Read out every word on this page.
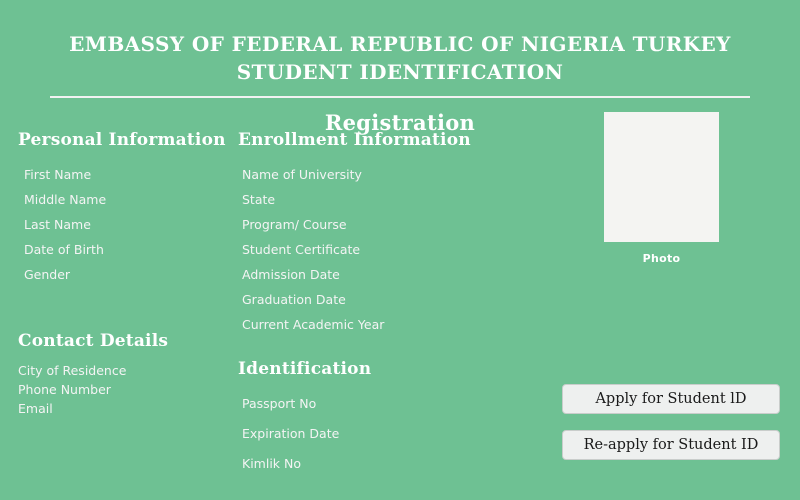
EMBASSY OF FEDERAL REPUBLIC OF NIGERIA TURKEY
STUDENT IDENTIFICATION
Registration
Personal Information
First Name
Middle Name
Last Name
Date of Birth
Gender
Contact Details
City of Residence
Phone Number
Email
Enrollment Information
Name of University
State
Program/ Course
Student Certificate
Admission Date
Graduation Date
Current Academic Year
Identification
Passport No
Expiration Date
Kimlik No
Photo
Apply for Student lD
Re-apply for Student ID
